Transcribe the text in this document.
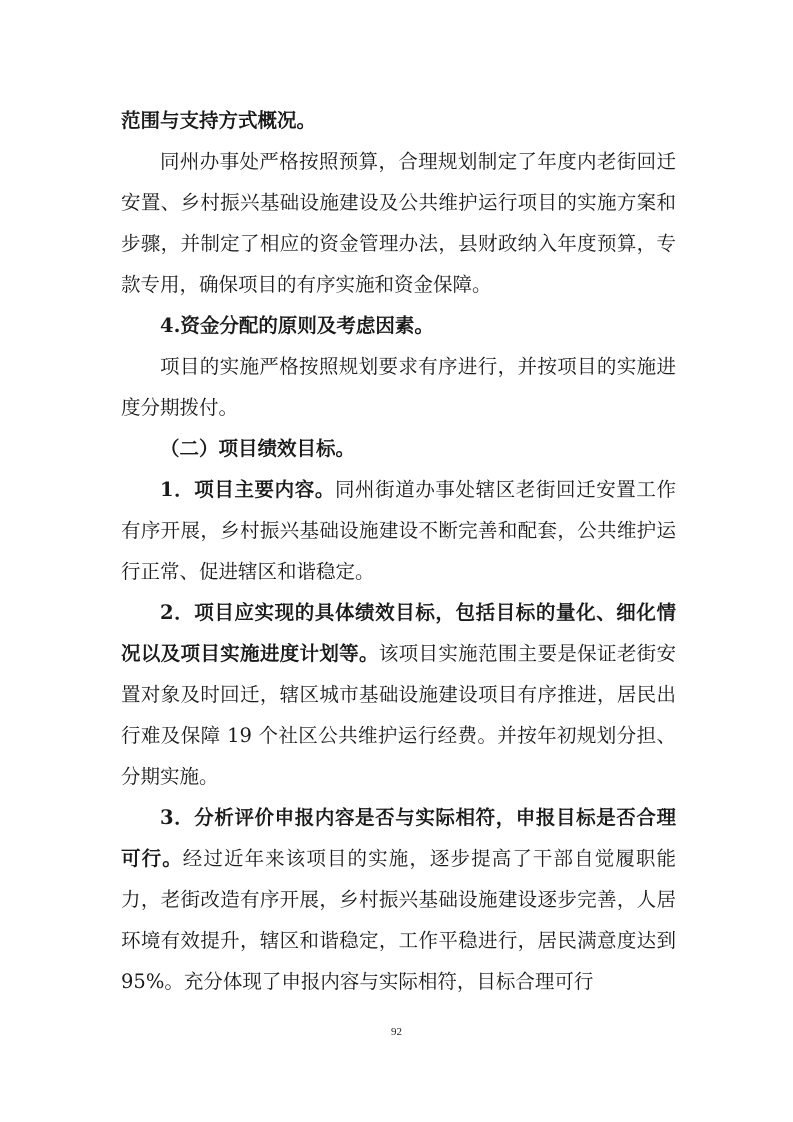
范围与支持方式概况。

同州办事处严格按照预算，合理规划制定了年度内老街回迁安置、乡村振兴基础设施建设及公共维护运行项目的实施方案和步骤，并制定了相应的资金管理办法，县财政纳入年度预算，专款专用，确保项目的有序实施和资金保障。

4.资金分配的原则及考虑因素。

项目的实施严格按照规划要求有序进行，并按项目的实施进度分期拨付。

（二）项目绩效目标。

1．项目主要内容。同州街道办事处辖区老街回迁安置工作有序开展，乡村振兴基础设施建设不断完善和配套，公共维护运行正常、促进辖区和谐稳定。

2．项目应实现的具体绩效目标，包括目标的量化、细化情况以及项目实施进度计划等。该项目实施范围主要是保证老街安置对象及时回迁，辖区城市基础设施建设项目有序推进，居民出行难及保障 19 个社区公共维护运行经费。并按年初规划分担、分期实施。

3．分析评价申报内容是否与实际相符，申报目标是否合理可行。经过近年来该项目的实施，逐步提高了干部自觉履职能力，老街改造有序开展，乡村振兴基础设施建设逐步完善，人居环境有效提升，辖区和谐稳定，工作平稳进行，居民满意度达到 95%。充分体现了申报内容与实际相符，目标合理可行

92
